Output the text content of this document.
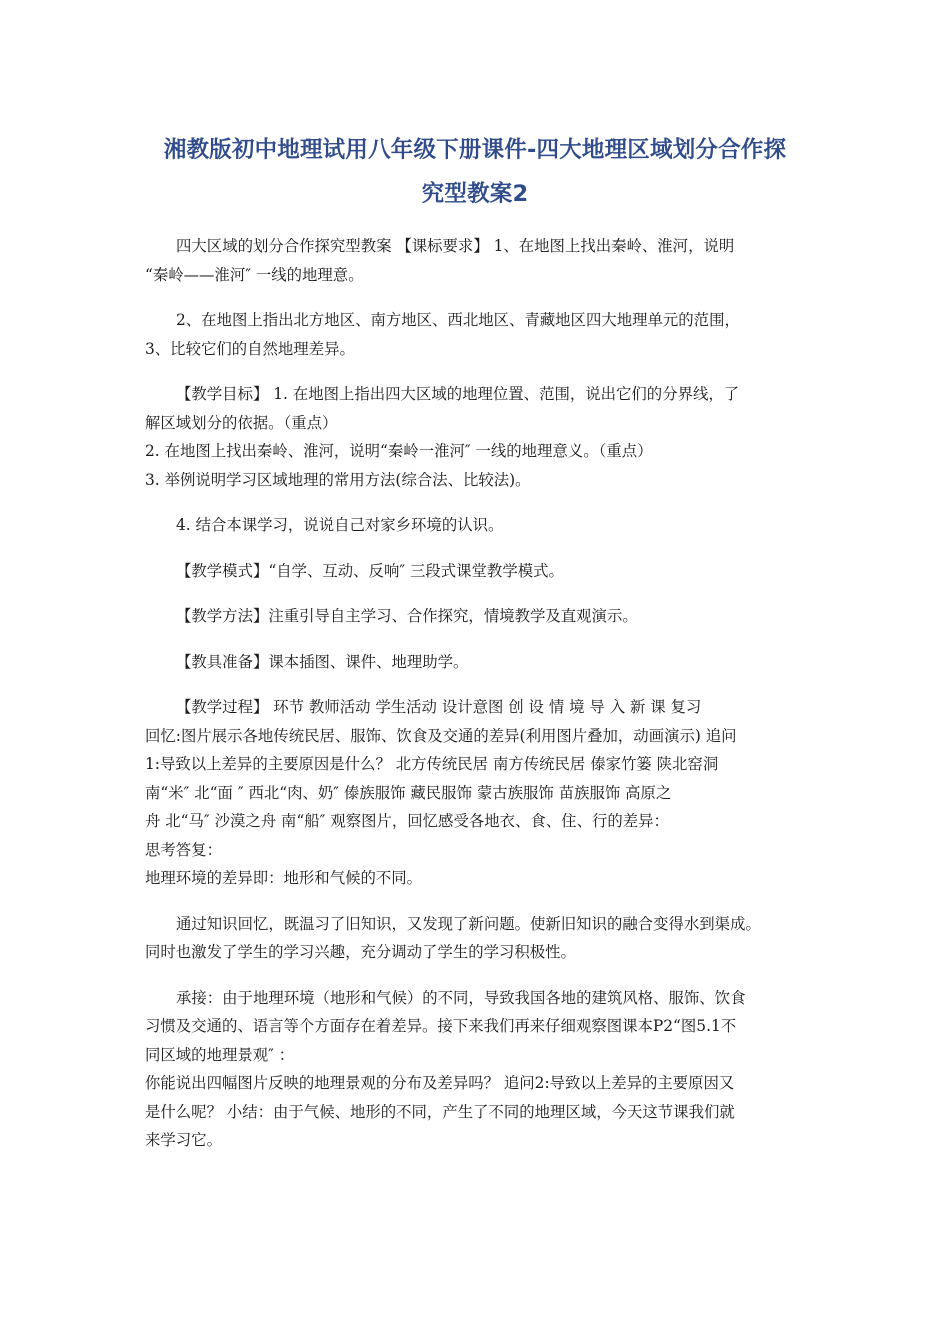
湘教版初中地理试用八年级下册课件-四大地理区域划分合作探
究型教案2

四大区域的划分合作探究型教案 【课标要求】 1、在地图上找出秦岭、淮河，说明

“秦岭——淮河″ 一线的地理意。

2、在地图上指出北方地区、南方地区、西北地区、青藏地区四大地理单元的范围，

3、比较它们的自然地理差异。

【教学目标】 1. 在地图上指出四大区域的地理位置、范围，说出它们的分界线，了

解区域划分的依据。（重点）

2. 在地图上找出秦岭、淮河，说明“秦岭一淮河″ 一线的地理意义。（重点）

3. 举例说明学习区域地理的常用方法(综合法、比较法)。

4. 结合本课学习，说说自己对家乡环境的认识。

【教学模式】“自学、互动、反响″ 三段式课堂教学模式。

【教学方法】注重引导自主学习、合作探究，情境教学及直观演示。

【教具准备】课本插图、课件、地理助学。

【教学过程】 环节 教师活动 学生活动 设计意图 创 设 情 境 导 入 新 课 复习

回忆:图片展示各地传统民居、服饰、饮食及交通的差异(利用图片叠加，动画演示) 追问

1:导致以上差异的主要原因是什么？ 北方传统民居 南方传统民居 傣家竹篓 陕北窑洞

南“米″ 北“面 ″ 西北“肉、奶″ 傣族服饰 藏民服饰 蒙古族服饰 苗族服饰 高原之

舟 北“马″ 沙漠之舟 南“船″ 观察图片，回忆感受各地衣、食、住、行的差异：

思考答复：

地理环境的差异即：地形和气候的不同。

通过知识回忆，既温习了旧知识，又发现了新问题。使新旧知识的融合变得水到渠成。

同时也激发了学生的学习兴趣，充分调动了学生的学习积极性。

承接：由于地理环境（地形和气候）的不同，导致我国各地的建筑风格、服饰、饮食

习惯及交通的、语言等个方面存在着差异。接下来我们再来仔细观察图课本P2“图5.1不

同区域的地理景观″ ：

你能说出四幅图片反映的地理景观的分布及差异吗？ 追问2:导致以上差异的主要原因又

是什么呢？ 小结：由于气候、地形的不同，产生了不同的地理区域，今天这节课我们就

来学习它。
